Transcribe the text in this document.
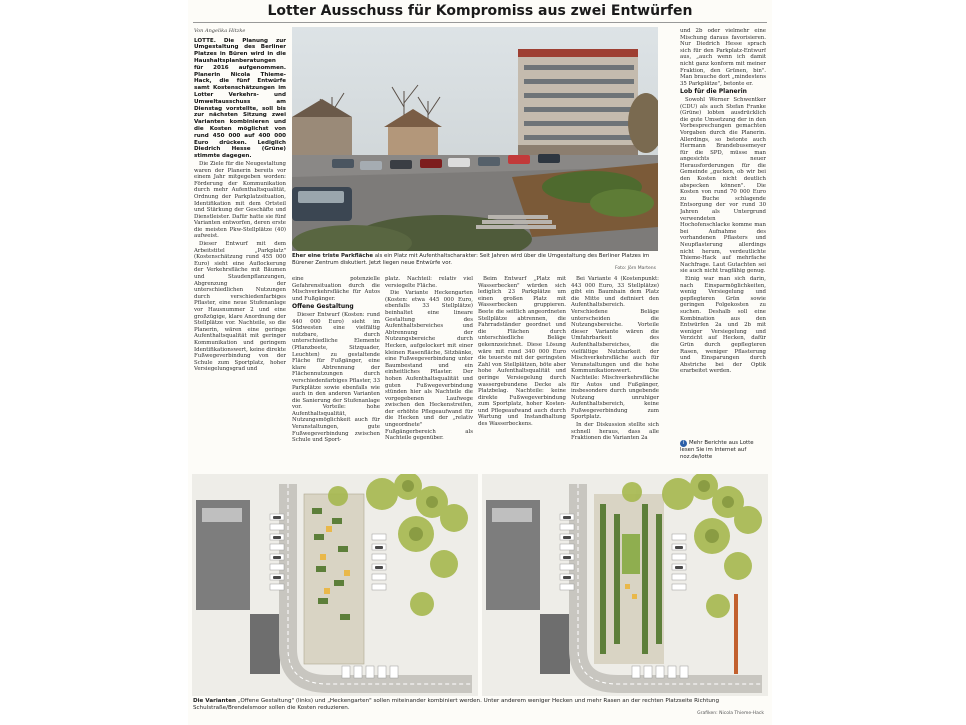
Lotter Ausschuss für Kompromiss aus zwei Entwürfen
Von Angelika Hitzke

LOTTE. Die Planung zur Umgestaltung des Berliner Platzes in Büren wird in die Haushaltsplanberatungen für 2016 aufgenommen. Planerin Nicola Thieme-Hack, die fünf Entwürfe samt Kostenschätzungen im Lotter Verkehrs- und Umweltausschuss am Dienstag vorstellte, soll bis zur nächsten Sitzung zwei Varianten kombinieren und die Kosten möglichst von rund 450 000 auf 400 000 Euro drücken. Lediglich Diedrich Hesse (Grüne) stimmte dagegen.

Die Ziele für die Neugestaltung waren der Planerin bereits vor einem Jahr mitgegeben worden: Förderung der Kommunikation durch mehr Aufenthaltsqualität, Ordnung der Parkplatzsituation, Identifikation mit dem Ortsteil und Stärkung der Geschäfte und Dienstleister. Dafür hatte sie fünf Varianten entworfen, deren erste die meisten Pkw-Stellplätze (40) aufweist.

Dieser Entwurf mit dem Arbeitstitel „Parkplatz" (Kostenschätzung rund 455 000 Euro) sieht eine Auflockerung der Verkehrsfläche mit Bäumen und Staudenpflanzungen, Abgrenzung der unterschiedlichen Nutzungen durch verschiedenfarbiges Pflaster, eine neue Stufenanlage vor Hausnummer 2 und eine großzügige, klare Anordnung der Stellplätze vor. Nachteile, so die Planerin, wären eine geringe Aufenthaltsqualität mit geringer Kommunikation und geringem Identifikationswert, keine direkte Fußwegeverbindung von der Schule zum Sportplatz, hoher Versiegelungsgrad und

Eher eine triste Parkfläche als ein Platz mit Aufenthaltscharakter: Seit Jahren wird über die Umgestaltung des Berliner Platzes im Bürener Zentrum diskutiert. Jetzt liegen neue Entwürfe vor.
Foto: Jörn Martens

eine potenzielle Gefahrensituation durch die Mischverkehrsfläche für Autos und Fußgänger.

Offene Gestaltung

Dieser Entwurf (Kosten: rund 440 000 Euro) sieht im Südwesten eine vielfältig nutzbare, durch unterschiedliche Elemente (Pflanzbeete, Sitzquader, Leuchten) zu gestaltende Fläche für Fußgänger, eine klare Abtrennung der Flächennutzungen durch verschiedenfarbiges Pflaster, 33 Parkplätze sowie ebenfalls wie auch in den anderen Varianten die Sanierung der Stufenanlage vor. Vorteile: hohe Aufenthaltsqualität, Nutzungsmöglichkeit auch für Veranstaltungen, gute Fußwegeverbindung zwischen Schule und Sport-

platz. Nachteil: relativ viel versiegelte Fläche.

Die Variante Heckengarten (Kosten: etwa 445 000 Euro, ebenfalls 33 Stellplätze) beinhaltet eine lineare Gestaltung des Aufenthaltsbereiches und Abtrennung der Nutzungsbereiche durch Hecken, aufgelockert mit einer kleinen Rasenfläche, Sitzbänke, eine Fußwegeverbindung unter Baumbestand und ein einheitliches Pflaster. Der hohen Aufenthaltsqualität und guten Fußwegeverbindung stünden hier als Nachteile die vorgegebenen Laufwege zwischen den Heckenstreifen, der erhöhte Pflegeaufwand für die Hecken und der „relativ ungeordnete" Fußgängerbereich als Nachteile gegenüber.

Beim Entwurf „Platz mit Wasserbecken" würden sich lediglich 23 Parkplätze um einen großen Platz mit Wasserbecken gruppieren. Beete die seitlich angeordneten Stellplätze abtrennen, die Fahrradständer geordnet und die Flächen durch unterschiedliche Beläge gekennzeichnet. Diese Lösung wäre mit rund 340 000 Euro die teuerste mit der geringsten Zahl von Stellplätzen, böte aber hohe Aufenthaltsqualität und geringe Versiegelung durch wassergebundene Decke als Platzbelag. Nachteile: keine direkte Fußwegeverbindung zum Sportplatz, hoher Kosten- und Pflegeaufwand auch durch Wartung und Instandhaltung des Wasserbeckens.

Bei Variante 4 (Kostenpunkt: 443 000 Euro, 33 Stellplätze) gibt ein Baumhain dem Platz die Mitte und definiert den Aufenthaltsbereich. Verschiedene Beläge unterscheiden die Nutzungsbereiche. Vorteile dieser Variante wären die Umfahrbarkeit des Aufenthaltsbereiches, die vielfältige Nutzbarkeit der Mischverkehrsfläche auch für Veranstaltungen und die hohe Kommunikationswert. Die Nachteile: Mischverkehrsfläche für Autos und Fußgänger, insbesondere durch ungebende Nutzung unruhiger Aufenthaltsbereich, keine Fußwegeverbindung zum Sportplatz.

In der Diskussion stellte sich schnell heraus, dass alle Fraktionen die Varianten 2a

und 2b oder vielmehr eine Mischung daraus favorisieren. Nur Diedrich Hesse sprach sich für den Parkplatz-Entwurf aus, „auch wenn ich damit nicht ganz konform mit meiner Fraktion, den Grünen, bin". Man brauche dort „mindestens 35 Parkplätze", betonte er.

Lob für die Planerin

Sowohl Werner Schwentker (CDU) als auch Stefan Franke (Grüne) lobten ausdrücklich die gute Umsetzung der in den Vorbesprechungen gemachten Vorgaben durch die Planerin. Allerdings, so betonte auch Hermann Brandebusemeyer für die SPD, müsse man angesichts neuer Herausforderungen für die Gemeinde „gucken, ob wir bei den Kosten nicht deutlich abspecken können". Die Kosten von rund 70 000 Euro zu Buche schlagende Entsorgung der vor rund 30 Jahren als Untergrund verwendeten Hochofenschlacke komme man bei Aufnahme des vorhandenen Pflasters und Neupflasterung allerdings nicht herum, verdeutlichte Thieme-Hack auf mehrfache Nachfrage. Laut Gutachten sei sie auch nicht tragfähig genug.

Einig war man sich darin, nach Einsparmöglichkeiten, wenig Versiegelung und gepflegteren Grün sowie geringen Folgekosten zu suchen. Deshalb soll eine Kombination aus den Entwürfen 2a und 2b mit weniger Versiegelung und Verzicht auf Hecken, dafür Grün durch gepflegteren Rasen, weniger Pflasterung und Einsparungen durch Abstriche bei der Optik erarbeitet werden.

i Mehr Berichte aus Lotte lesen Sie im Internet auf noz.de/lotte
Die Varianten „Offene Gestaltung" (links) und „Heckengarten" sollen miteinander kombiniert werden. Unter anderem weniger Hecken und mehr Rasen an der rechten Platzseite Richtung Schulstraße/Brendelsmoor sollen die Kosten reduzieren.
Grafiken: Nicola Thieme-Hack
